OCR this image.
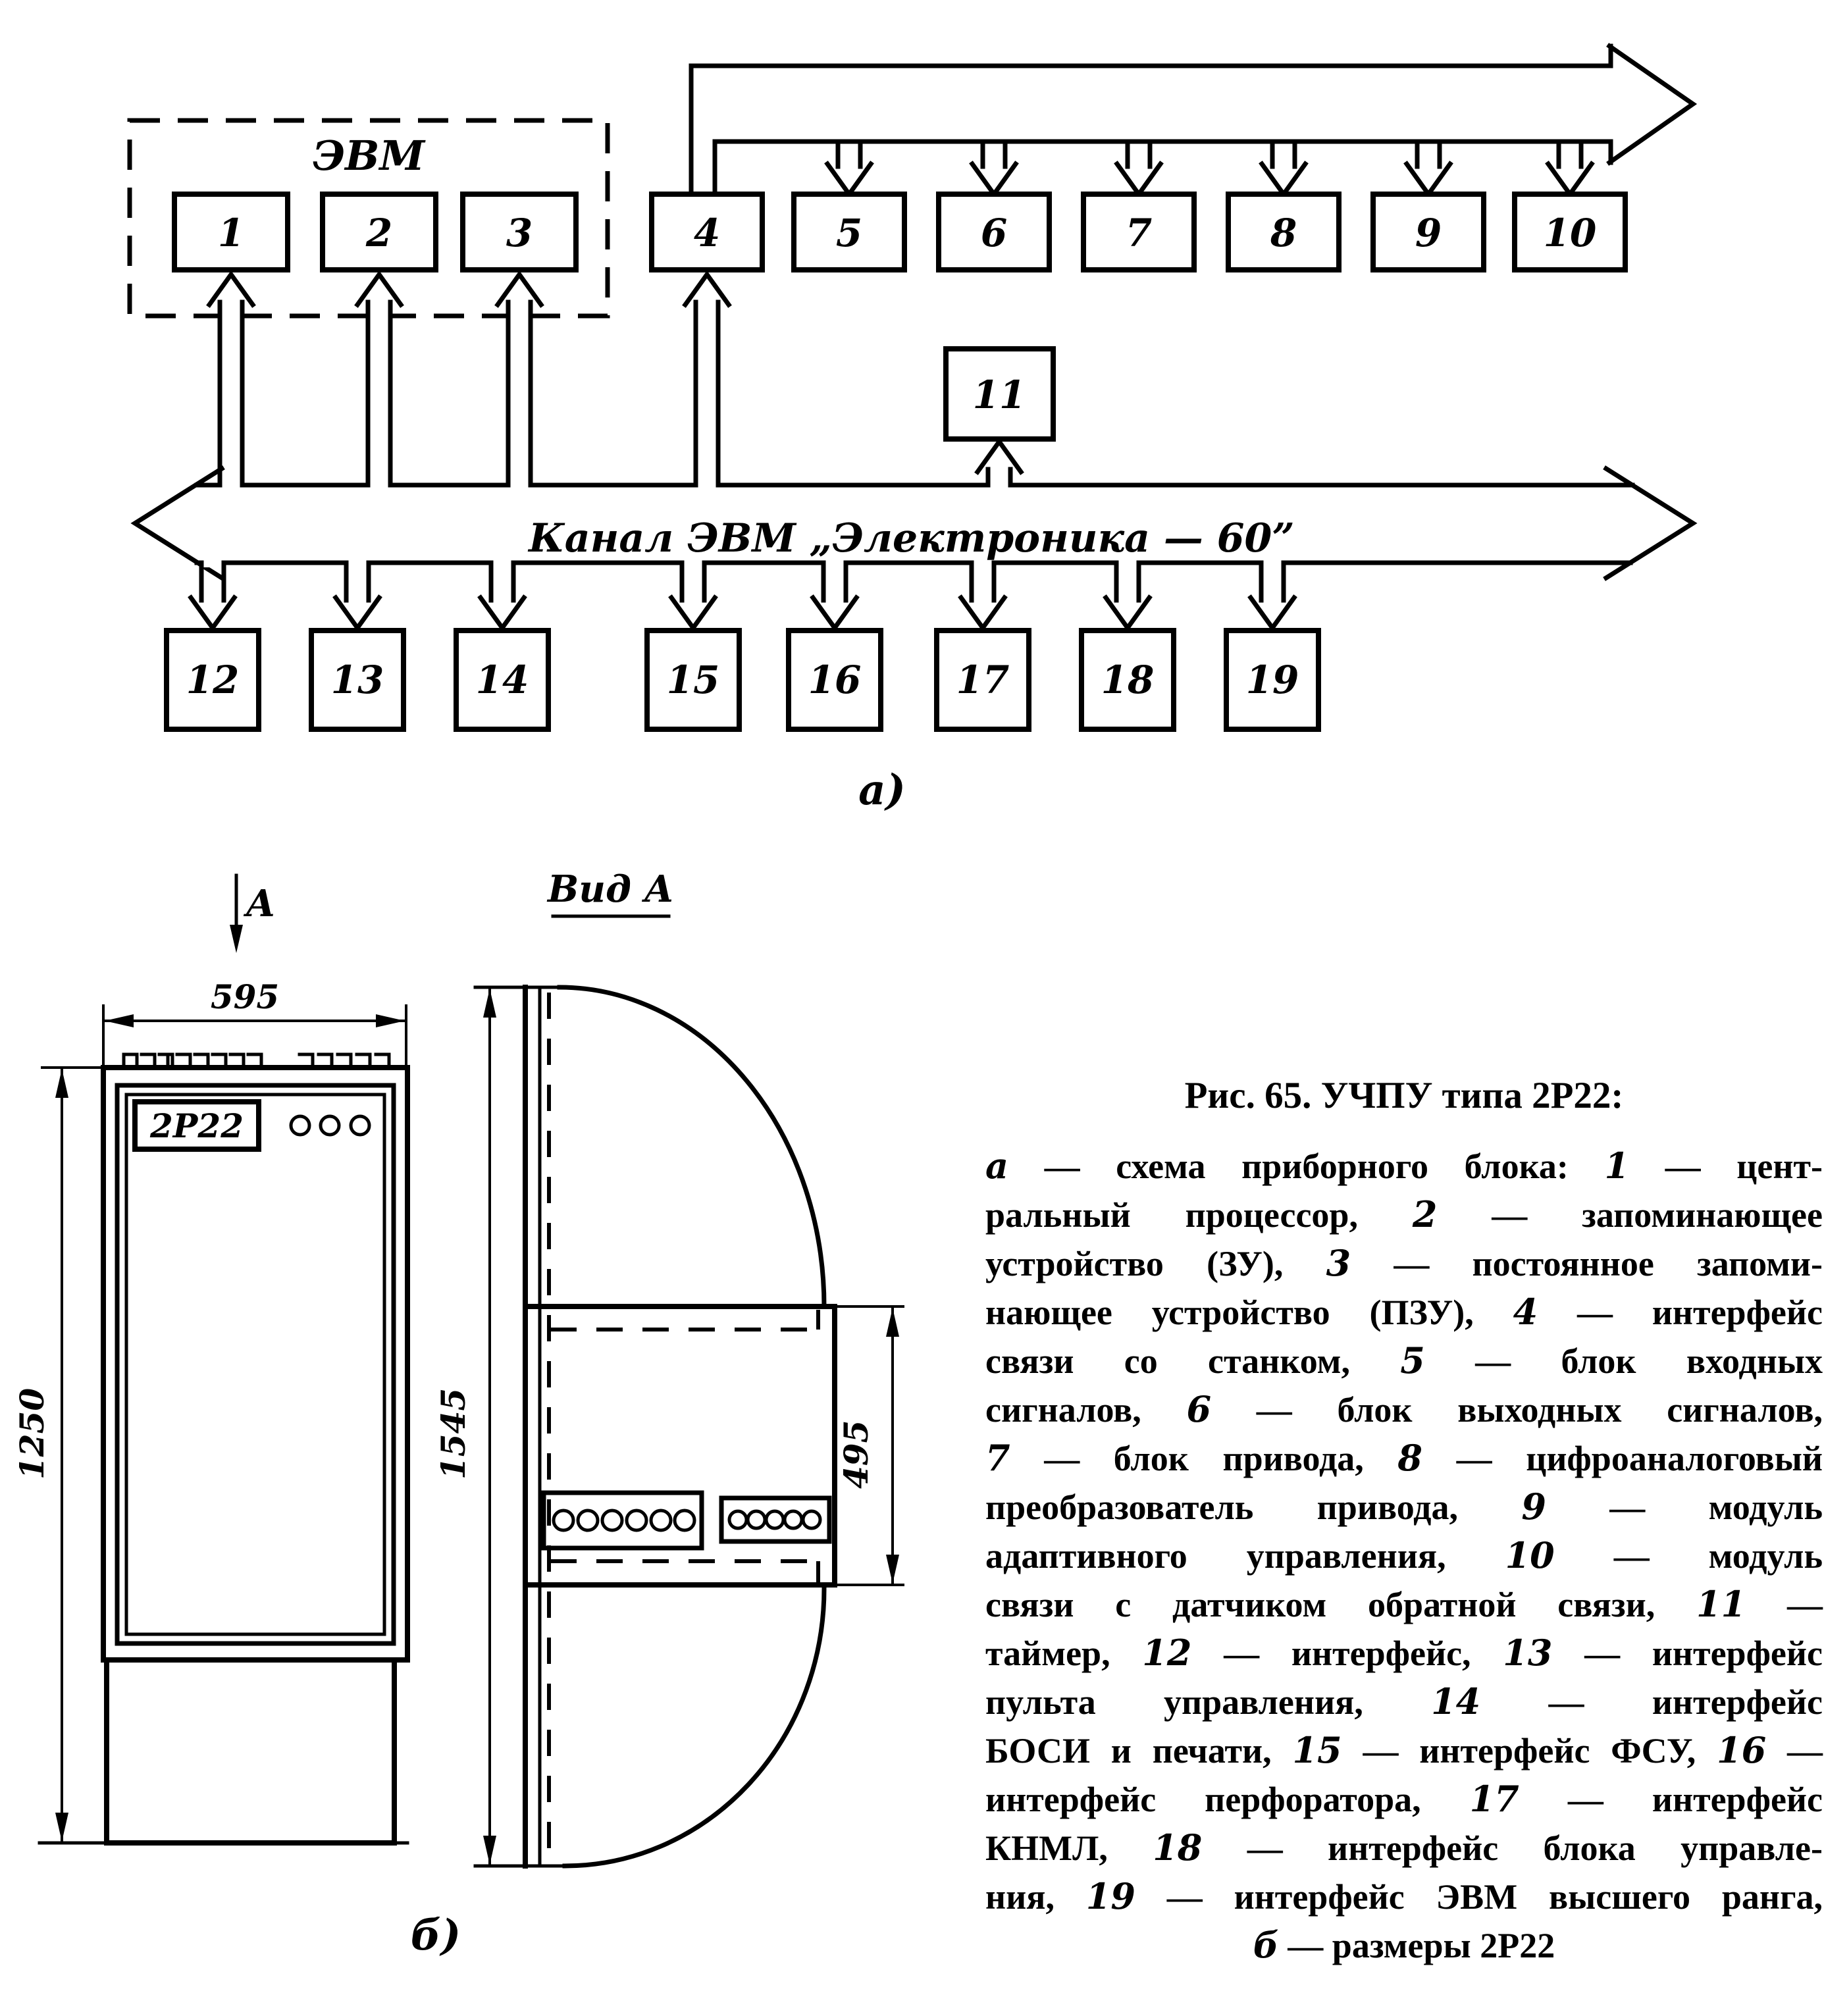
1	2	3	4	5	6	7	8	9	10
11
12 13 14	15 16 17 18 19
ЭВМ
Канал ЭВМ „Электроника — 60”
а)
А
2Р22
595
1250
Вид А
1545	495
б)
Рис. 65. УЧПУ типа 2Р22:
а — схема приборного блока: 1 — цент-
ральный процессор, 2 — запоминающее
устройство (ЗУ), 3 — постоянное запоми-
нающее устройство (ПЗУ), 4 — интерфейс
связи со станком, 5 — блок входных
сигналов, 6 — блок выходных сигналов,
7 — блок привода, 8 — цифроаналоговый
преобразователь привода, 9 — модуль
адаптивного управления, 10 — модуль
связи с датчиком обратной связи, 11 —
таймер, 12 — интерфейс, 13 — интерфейс
пульта управления, 14 — интерфейс
БОСИ и печати, 15 — интерфейс ФСУ, 16 —
интерфейс перфоратора, 17 — интерфейс
КНМЛ, 18 — интерфейс блока управле-
ния, 19 — интерфейс ЭВМ высшего ранга,
б — размеры 2Р22
